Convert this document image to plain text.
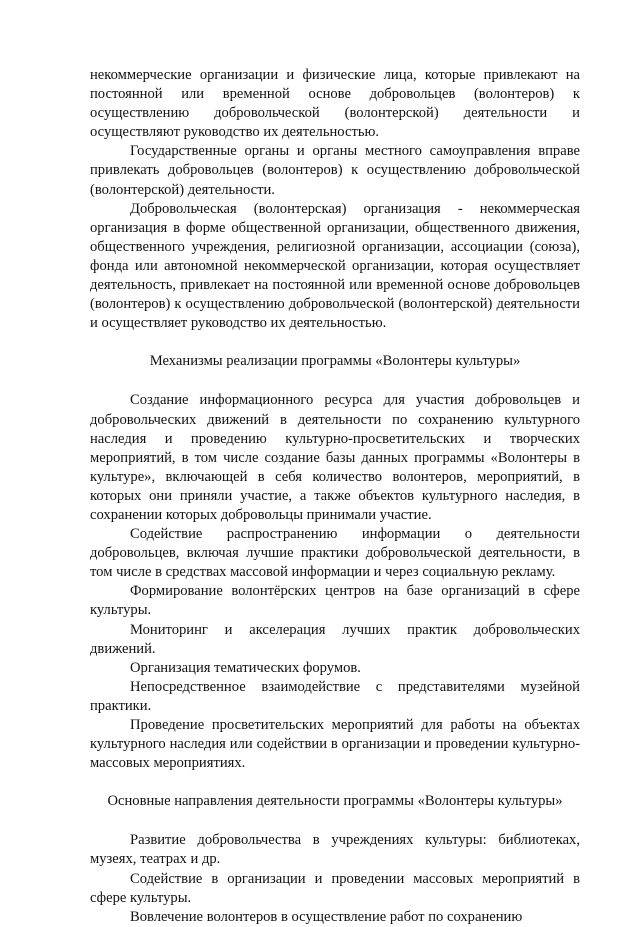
некоммерческие организации и физические лица, которые привлекают на постоянной или временной основе добровольцев (волонтеров) к осуществлению добровольческой (волонтерской) деятельности и осуществляют руководство их деятельностью.

Государственные органы и органы местного самоуправления вправе привлекать добровольцев (волонтеров) к осуществлению добровольческой (волонтерской) деятельности.

Добровольческая (волонтерская) организация - некоммерческая организация в форме общественной организации, общественного движения, общественного учреждения, религиозной организации, ассоциации (союза), фонда или автономной некоммерческой организации, которая осуществляет деятельность, привлекает на постоянной или временной основе добровольцев (волонтеров) к осуществлению добровольческой (волонтерской) деятельности и осуществляет руководство их деятельностью.

Механизмы реализации программы «Волонтеры культуры»

Создание информационного ресурса для участия добровольцев и добровольческих движений в деятельности по сохранению культурного наследия и проведению культурно-просветительских и творческих мероприятий, в том числе создание базы данных программы «Волонтеры в культуре», включающей в себя количество волонтеров, мероприятий, в которых они приняли участие, а также объектов культурного наследия, в сохранении которых добровольцы принимали участие.

Содействие распространению информации о деятельности добровольцев, включая лучшие практики добровольческой деятельности, в том числе в средствах массовой информации и через социальную рекламу.

Формирование волонтёрских центров на базе организаций в сфере культуры.

Мониторинг и акселерация лучших практик добровольческих движений.

Организация тематических форумов.

Непосредственное взаимодействие с представителями музейной практики.

Проведение просветительских мероприятий для работы на объектах культурного наследия или содействии в организации и проведении культурно-массовых мероприятиях.

Основные направления деятельности программы «Волонтеры культуры»

Развитие добровольчества в учреждениях культуры: библиотеках, музеях, театрах и др.

Содействие в организации и проведении массовых мероприятий в сфере культуры.

Вовлечение волонтеров в осуществление работ по сохранению
